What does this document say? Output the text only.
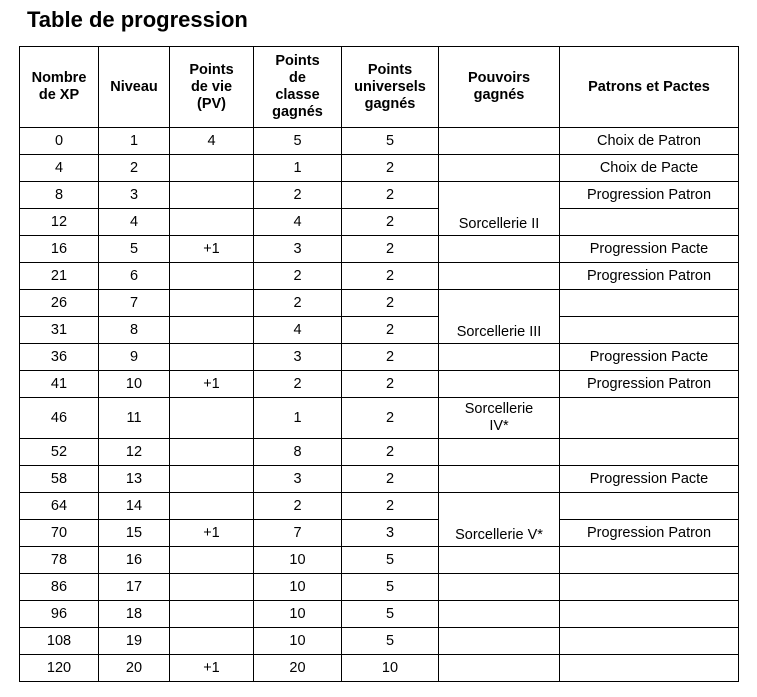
Table de progression
Nombre de XP	Niveau	Points de vie (PV)	Points de classe gagnés	Points universels gagnés	Pouvoirs gagnés	Patrons et Pactes
0	1	4	5	5		Choix de Patron
4	2		1	2		Choix de Pacte
8	3		2	2	Sorcellerie II	Progression Patron
12	4		4	2		
16	5	+1	3	2		Progression Pacte
21	6		2	2		Progression Patron
26	7		2	2	Sorcellerie III	
31	8		4	2		
36	9		3	2		Progression Pacte
41	10	+1	2	2		Progression Patron
46	11		1	2	Sorcellerie IV*	
52	12		8	2		
58	13		3	2		Progression Pacte
64	14		2	2	Sorcellerie V*	
70	15	+1	7	3		Progression Patron
78	16		10	5		
86	17		10	5		
96	18		10	5		
108	19		10	5		
120	20	+1	20	10		
